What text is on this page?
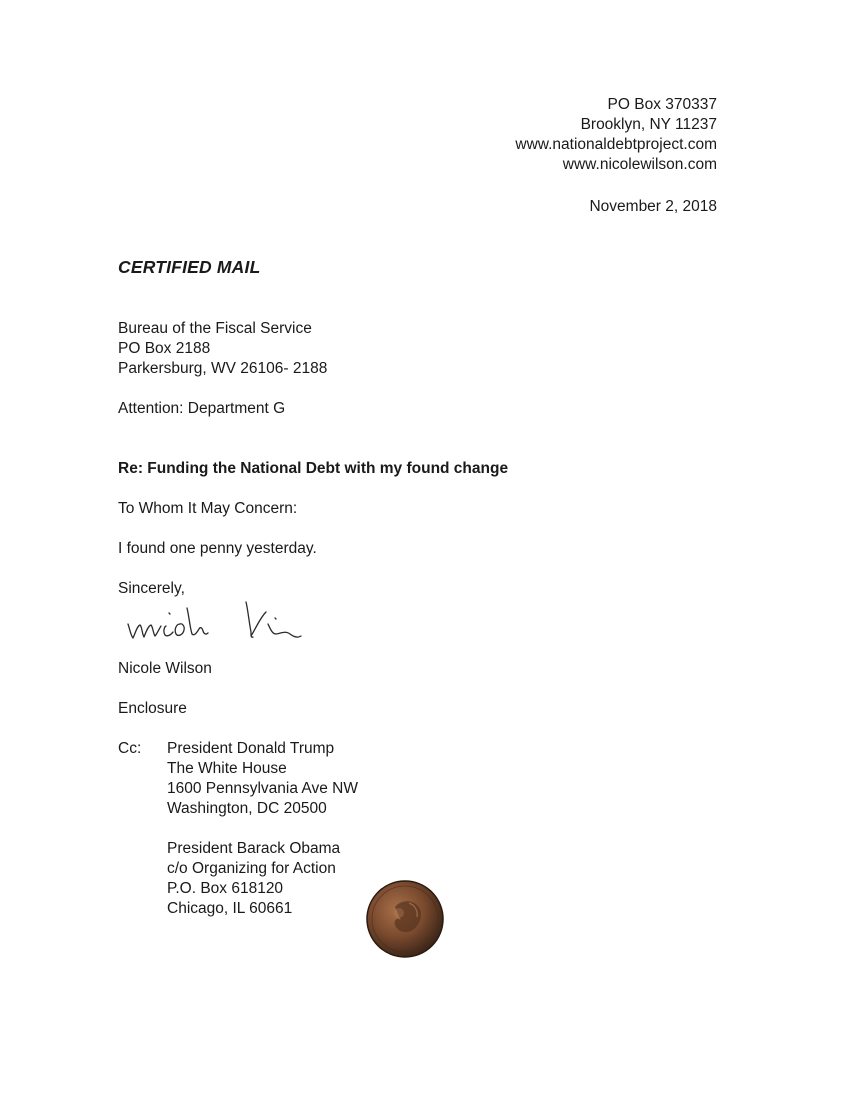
PO Box 370337
Brooklyn, NY 11237
www.nationaldebtproject.com
www.nicolewilson.com
November 2, 2018
CERTIFIED MAIL
Bureau of the Fiscal Service
PO Box 2188
Parkersburg, WV 26106- 2188
Attention: Department G
Re: Funding the National Debt with my found change
To Whom It May Concern:
I found one penny yesterday.
Sincerely,
Nicole Wilson
Enclosure
Cc: President Donald Trump
The White House
1600 Pennsylvania Ave NW
Washington, DC 20500
President Barack Obama
c/o Organizing for Action
P.O. Box 618120
Chicago, IL 60661
